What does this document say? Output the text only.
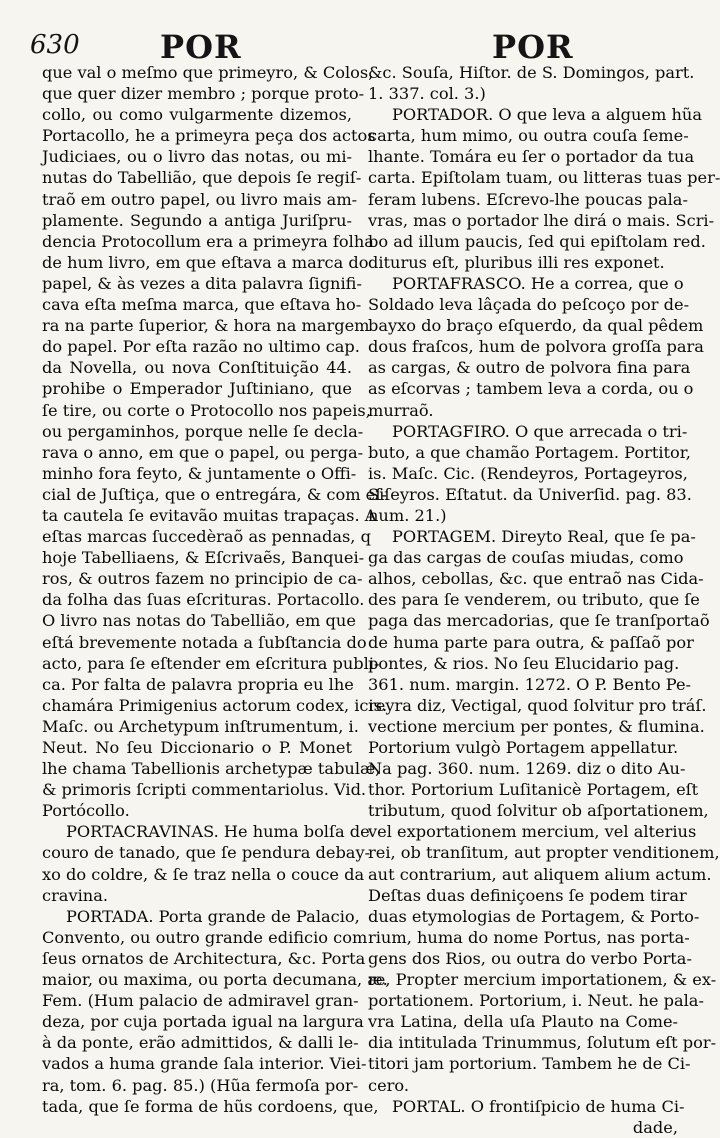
630	POR	POR
que val o meſmo que primeyro, & Colos,
que quer dizer membro ; porque proto-
collo, ou como vulgarmente dizemos,
Portacollo, he a primeyra peça dos actos
Judiciaes, ou o livro das notas, ou mi-
nutas do Tabellião, que depois ſe regiſ-
traõ em outro papel, ou livro mais am-
plamente. Segundo a antiga Juriſpru-
dencia Protocollum era a primeyra folha
de hum livro, em que eſtava a marca do
papel, & às vezes a dita palavra ſignifi-
cava eſta meſma marca, que eſtava ho-
ra na parte ſuperior, & hora na margem
do papel. Por eſta razão no ultimo cap.
da Novella, ou nova Conſtituição 44.
prohibe o Emperador Juſtiniano, que
ſe tire, ou corte o Protocollo nos papeis,
ou pergaminhos, porque nelle ſe decla-
rava o anno, em que o papel, ou perga-
minho fora feyto, & juntamente o Offi-
cial de Juſtiça, que o entregára, & com eſ-
ta cautela ſe evitavão muitas trapaças. A
eſtas marcas ſuccedèraõ as pennadas, q
hoje Tabelliaens, & Eſcrivaẽs, Banquei-
ros, & outros fazem no principio de ca-
da folha das ſuas eſcrituras. Portacollo.
O livro nas notas do Tabellião, em que
eſtá brevemente notada a ſubſtancia do
acto, para ſe eſtender em eſcritura publi-
ca. Por falta de palavra propria eu lhe
chamára Primigenius actorum codex, icis.
Maſc. ou Archetypum inſtrumentum, i.
Neut. No ſeu Diccionario o P. Monet
lhe chama Tabellionis archetypæ tabulæ,
& primoris ſcripti commentariolus. Vid.
Portócollo.
PORTACRAVINAS. He huma bolſa de
couro de tanado, que ſe pendura debay-
xo do coldre, & ſe traz nella o couce da
cravina.
PORTADA. Porta grande de Palacio,
Convento, ou outro grande edificio com
ſeus ornatos de Architectura, &c. Porta
maior, ou maxima, ou porta decumana, æ.
Fem. (Hum palacio de admiravel gran-
deza, por cuja portada igual na largura
à da ponte, erão admittidos, & dalli le-
vados a huma grande ſala interior. Viei-
ra, tom. 6. pag. 85.) (Hũa fermoſa por-
tada, que ſe forma de hũs cordoens, que,
&c. Souſa, Hiſtor. de S. Domingos, part.
1. 337. col. 3.)
PORTADOR. O que leva a alguem hũa
carta, hum mimo, ou outra couſa ſeme-
lhante. Tomára eu ſer o portador da tua
carta. Epiſtolam tuam, ou litteras tuas per-
feram lubens. Eſcrevo-lhe poucas pala-
vras, mas o portador lhe dirá o mais. Scri-
bo ad illum paucis, ſed qui epiſtolam red.
diturus eſt, pluribus illi res exponet.
PORTAFRASCO. He a correa, que o
Soldado leva lâçada do peſcoço por de-
bayxo do braço eſquerdo, da qual pêdem
dous fraſcos, hum de polvora groſſa para
as cargas, & outro de polvora fina para
as eſcorvas ; tambem leva a corda, ou o
murraõ.
PORTAGFIRO. O que arrecada o tri-
buto, a que chamão Portagem. Portitor,
is. Maſc. Cic. (Rendeyros, Portageyros,
Siſeyros. Eſtatut. da Univerſid. pag. 83.
num. 21.)
PORTAGEM. Direyto Real, que ſe pa-
ga das cargas de couſas miudas, como
alhos, cebollas, &c. que entraõ nas Cida-
des para ſe venderem, ou tributo, que ſe
paga das mercadorias, que ſe tranſportaõ
de huma parte para outra, & paſſaõ por
pontes, & rios. No ſeu Elucidario pag.
361. num. margin. 1272. O P. Bento Pe-
reyra diz, Vectigal, quod ſolvitur pro tráſ.
vectione mercium per pontes, & flumina.
Portorium vulgò Portagem appellatur.
Na pag. 360. num. 1269. diz o dito Au-
thor. Portorium Luſitanicè Portagem, eſt
tributum, quod ſolvitur ob aſportationem,
vel exportationem mercium, vel alterius
rei, ob tranſitum, aut propter venditionem,
aut contrarium, aut aliquem alium actum.
Deſtas duas definiçoens ſe podem tirar
duas etymologias de Portagem, & Porto-
rium, huma do nome Portus, nas porta-
gens dos Rios, ou outra do verbo Porta-
re, Propter mercium importationem, & ex-
portationem. Portorium, i. Neut. he pala-
vra Latina, della uſa Plauto na Come-
dia intitulada Trinummus, ſolutum eſt por-
titori jam portorium. Tambem he de Ci-
cero.
PORTAL. O frontiſpicio de huma Ci-
dade,
